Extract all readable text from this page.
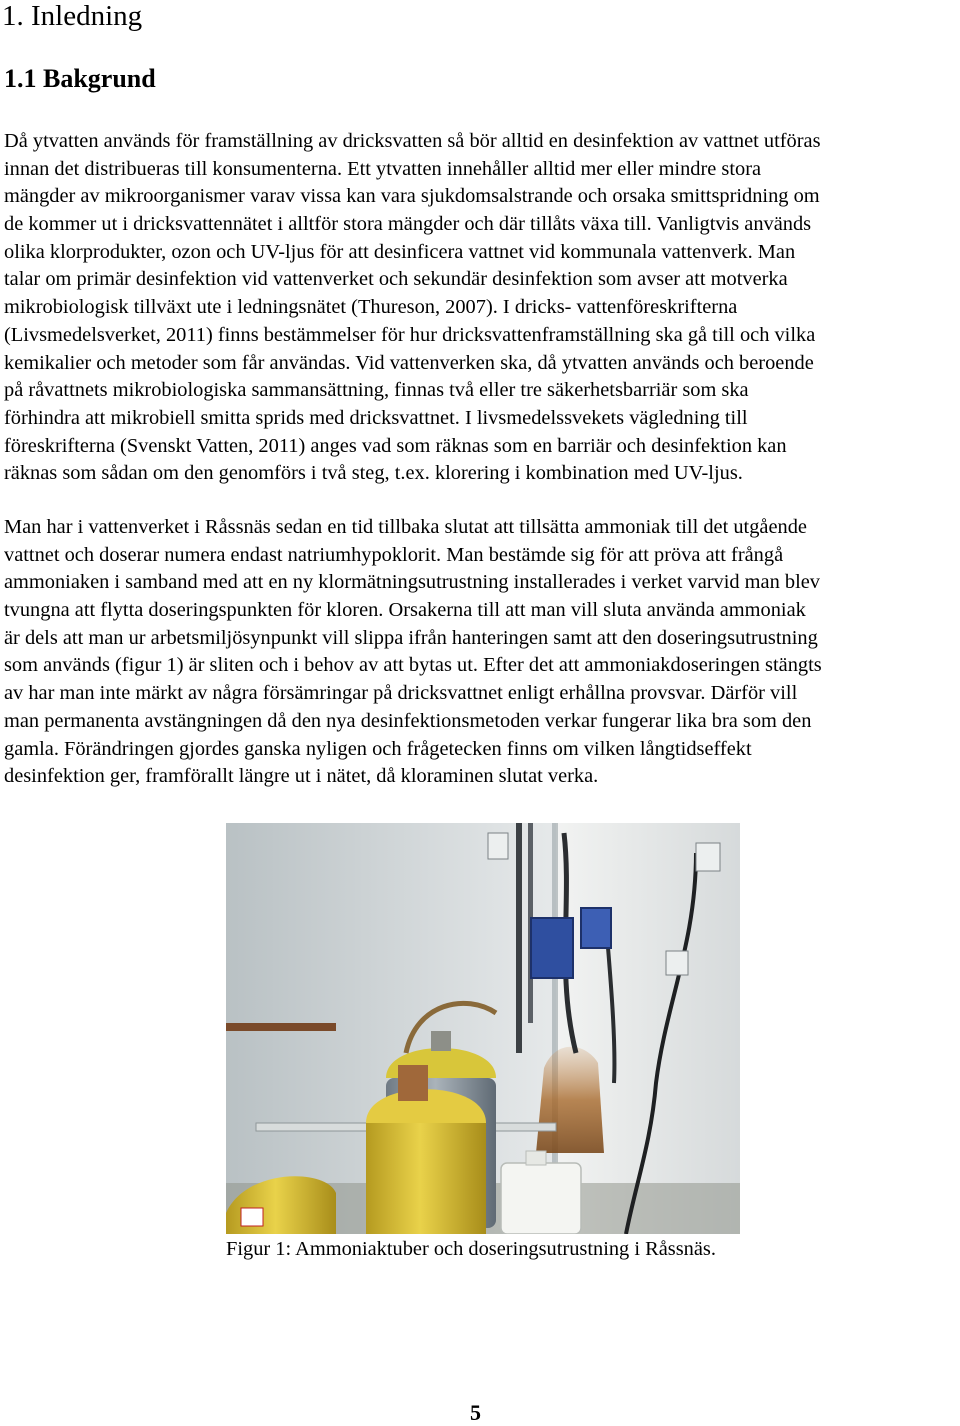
1. Inledning
1.1 Bakgrund

Då ytvatten används för framställning av dricksvatten så bör alltid en desinfektion av vattnet utföras
innan det distribueras till konsumenterna. Ett ytvatten innehåller alltid mer eller mindre stora
mängder av mikroorganismer varav vissa kan vara sjukdomsalstrande och orsaka smittspridning om
de kommer ut i dricksvattennätet i alltför stora mängder och där tillåts växa till. Vanligtvis används
olika klorprodukter, ozon och UV-ljus för att desinficera vattnet vid kommunala vattenverk. Man
talar om primär desinfektion vid vattenverket och sekundär desinfektion som avser att motverka
mikrobiologisk tillväxt ute i ledningsnätet (Thureson, 2007). I dricks- vattenföreskrifterna
(Livsmedelsverket, 2011) finns bestämmelser för hur dricksvattenframställning ska gå till och vilka
kemikalier och metoder som får användas. Vid vattenverken ska, då ytvatten används och beroende
på råvattnets mikrobiologiska sammansättning, finnas två eller tre säkerhetsbarriär som ska
förhindra att mikrobiell smitta sprids med dricksvattnet. I livsmedelssvekets vägledning till
föreskrifterna (Svenskt Vatten, 2011) anges vad som räknas som en barriär och desinfektion kan
räknas som sådan om den genomförs i två steg, t.ex. klorering i kombination med UV-ljus.

Man har i vattenverket i Råssnäs sedan en tid tillbaka slutat att tillsätta ammoniak till det utgående
vattnet och doserar numera endast natriumhypoklorit. Man bestämde sig för att pröva att frångå
ammoniaken i samband med att en ny klormätningsutrustning installerades i verket varvid man blev
tvungna att flytta doseringspunkten för kloren. Orsakerna till att man vill sluta använda ammoniak
är dels att man ur arbetsmiljösynpunkt vill slippa ifrån hanteringen samt att den doseringsutrustning
som används (figur 1) är sliten och i behov av att bytas ut. Efter det att ammoniakdoseringen stängts
av har man inte märkt av några försämringar på dricksvattnet enligt erhållna provsvar. Därför vill
man permanenta avstängningen då den nya desinfektionsmetoden verkar fungerar lika bra som den
gamla. Förändringen gjordes ganska nyligen och frågetecken finns om vilken långtidseffekt
desinfektion ger, framförallt längre ut i nätet, då kloraminen slutat verka.

Figur 1: Ammoniaktuber och doseringsutrustning i Råssnäs.

5
